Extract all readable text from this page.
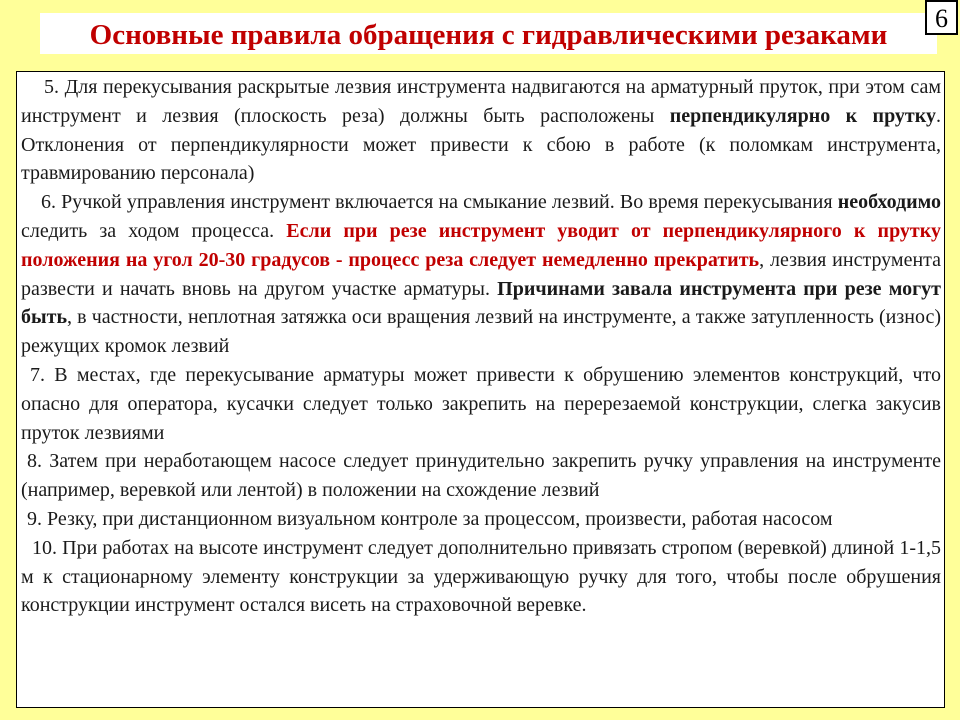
Основные правила обращения с гидравлическими резаками
6

5. Для перекусывания раскрытые лезвия инструмента надвигаются на арматурный пруток, при этом сам инструмент и лезвия (плоскость реза) должны быть расположены перпендикулярно к прутку. Отклонения от перпендикулярности может привести к сбою в работе (к поломкам инструмента, травмированию персонала)

6. Ручкой управления инструмент включается на смыкание лезвий. Во время перекусывания необходимо следить за ходом процесса. Если при резе инструмент уводит от перпендикулярного к прутку положения на угол 20-30 градусов - процесс реза следует немедленно прекратить, лезвия инструмента развести и начать вновь на другом участке арматуры. Причинами завала инструмента при резе могут быть, в частности, неплотная затяжка оси вращения лезвий на инструменте, а также затупленность (износ) режущих кромок лезвий

7. В местах, где перекусывание арматуры может привести к обрушению элементов конструкций, что опасно для оператора, кусачки следует только закрепить на перерезаемой конструкции, слегка закусив пруток лезвиями

8. Затем при неработающем насосе следует принудительно закрепить ручку управления на инструменте (например, веревкой или лентой) в положении на схождение лезвий

9. Резку, при дистанционном визуальном контроле за процессом, произвести, работая насосом

10. При работах на высоте инструмент следует дополнительно привязать стропом (веревкой) длиной 1-1,5 м к стационарному элементу конструкции за удерживающую ручку для того, чтобы после обрушения конструкции инструмент остался висеть на страховочной веревке.
